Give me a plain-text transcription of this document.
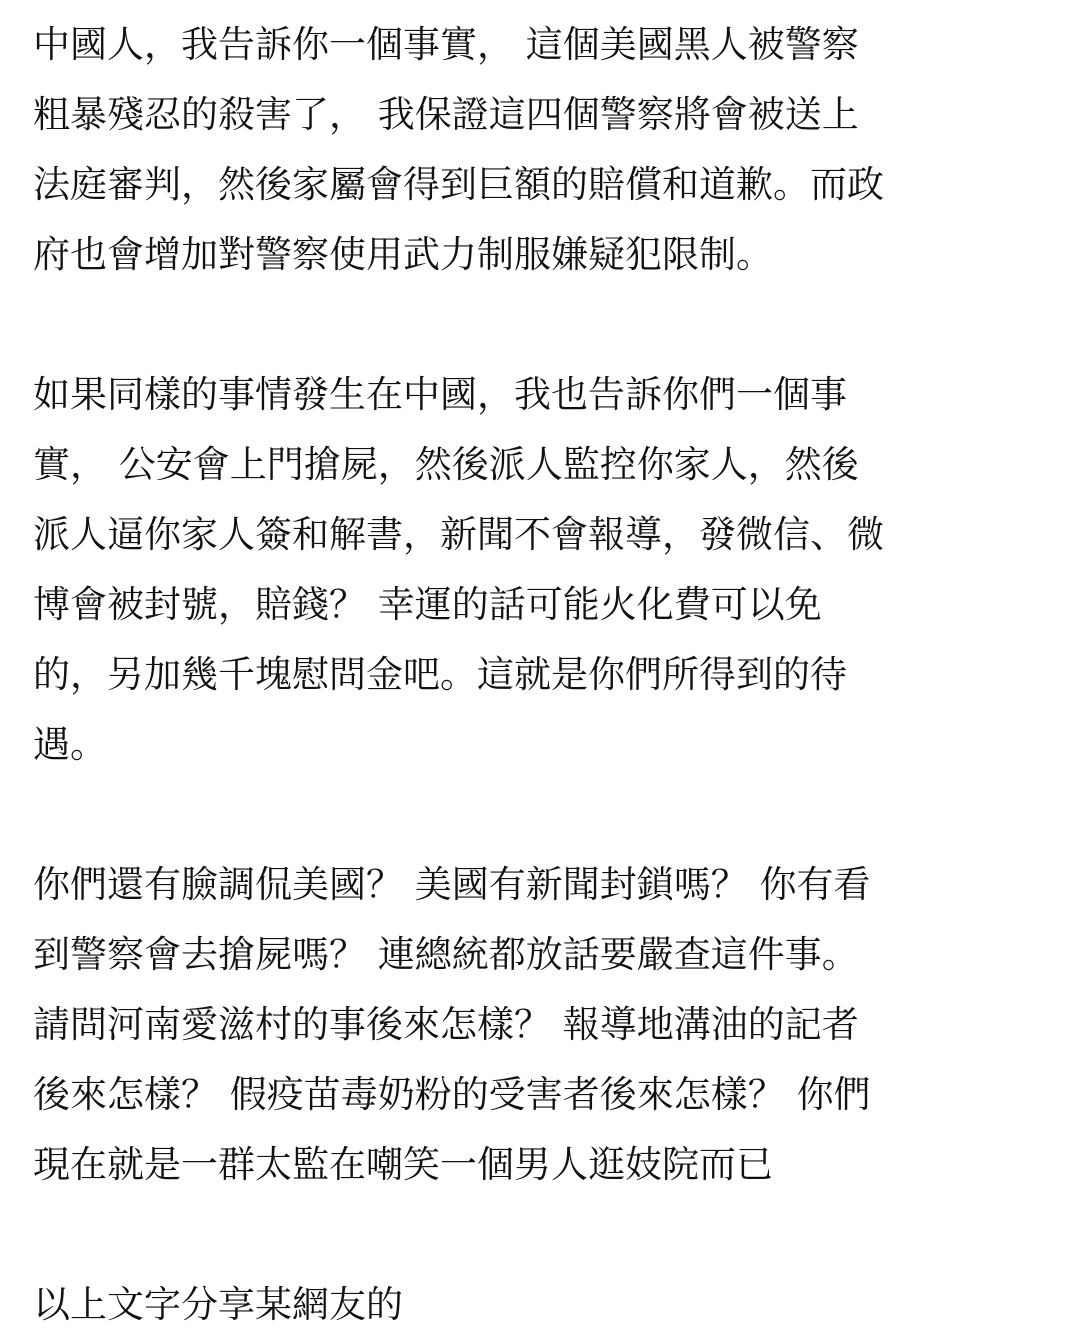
中國人，我告訴你一個事實， 這個美國黑人被警察
粗暴殘忍的殺害了， 我保證這四個警察將會被送上
法庭審判，然後家屬會得到巨額的賠償和道歉。而政
府也會增加對警察使用武力制服嫌疑犯限制。
如果同樣的事情發生在中國，我也告訴你們一個事
實， 公安會上門搶屍，然後派人監控你家人，然後
派人逼你家人簽和解書，新聞不會報導，發微信、微
博會被封號，賠錢？ 幸運的話可能火化費可以免
的，另加幾千塊慰問金吧。這就是你們所得到的待
遇。
你們還有臉調侃美國？ 美國有新聞封鎖嗎？ 你有看
到警察會去搶屍嗎？ 連總統都放話要嚴查這件事。
請問河南愛滋村的事後來怎樣？ 報導地溝油的記者
後來怎樣？ 假疫苗毒奶粉的受害者後來怎樣？ 你們
現在就是一群太監在嘲笑一個男人逛妓院而已
以上文字分享某網友的
